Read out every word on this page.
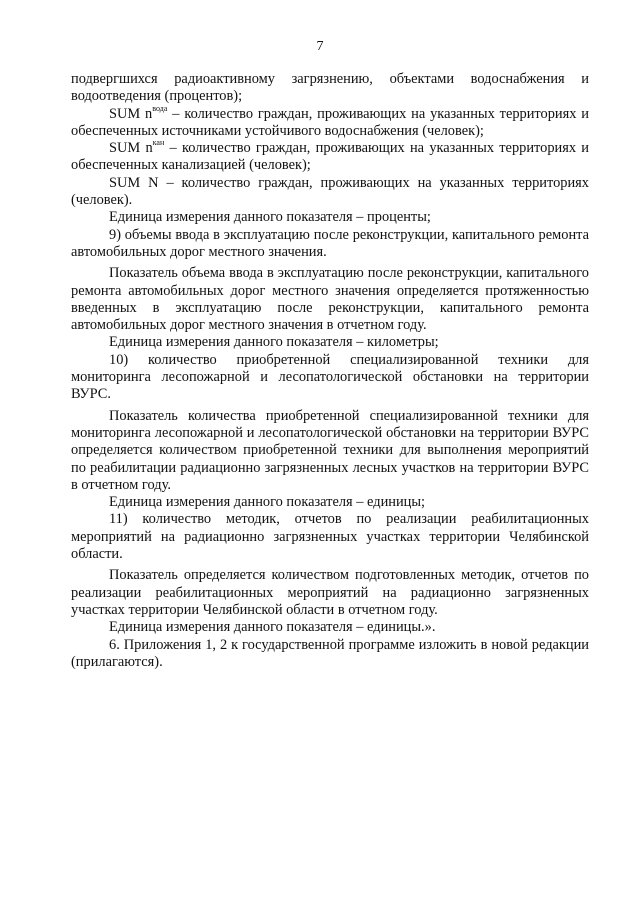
7

подвергшихся радиоактивному загрязнению, объектами водоснабжения и водоотведения (процентов);

SUM $n^{вода}$ – количество граждан, проживающих на указанных территориях и обеспеченных источниками устойчивого водоснабжения (человек);

SUM $n^{кан}$ – количество граждан, проживающих на указанных территориях и обеспеченных канализацией (человек);

SUM N – количество граждан, проживающих на указанных территориях (человек).

Единица измерения данного показателя – проценты;

9) объемы ввода в эксплуатацию после реконструкции, капитального ремонта автомобильных дорог местного значения.

Показатель объема ввода в эксплуатацию после реконструкции, капитального ремонта автомобильных дорог местного значения определяется протяженностью введенных в эксплуатацию после реконструкции, капитального ремонта автомобильных дорог местного значения в отчетном году.

Единица измерения данного показателя – километры;

10) количество приобретенной специализированной техники для мониторинга лесопожарной и лесопатологической обстановки на территории ВУРС.

Показатель количества приобретенной специализированной техники для мониторинга лесопожарной и лесопатологической обстановки на территории ВУРС определяется количеством приобретенной техники для выполнения мероприятий по реабилитации радиационно загрязненных лесных участков на территории ВУРС в отчетном году.

Единица измерения данного показателя – единицы;

11) количество методик, отчетов по реализации реабилитационных мероприятий на радиационно загрязненных участках территории Челябинской области.

Показатель определяется количеством подготовленных методик, отчетов по реализации реабилитационных мероприятий на радиационно загрязненных участках территории Челябинской области в отчетном году.

Единица измерения данного показателя – единицы.».

6. Приложения 1, 2 к государственной программе изложить в новой редакции (прилагаются).
